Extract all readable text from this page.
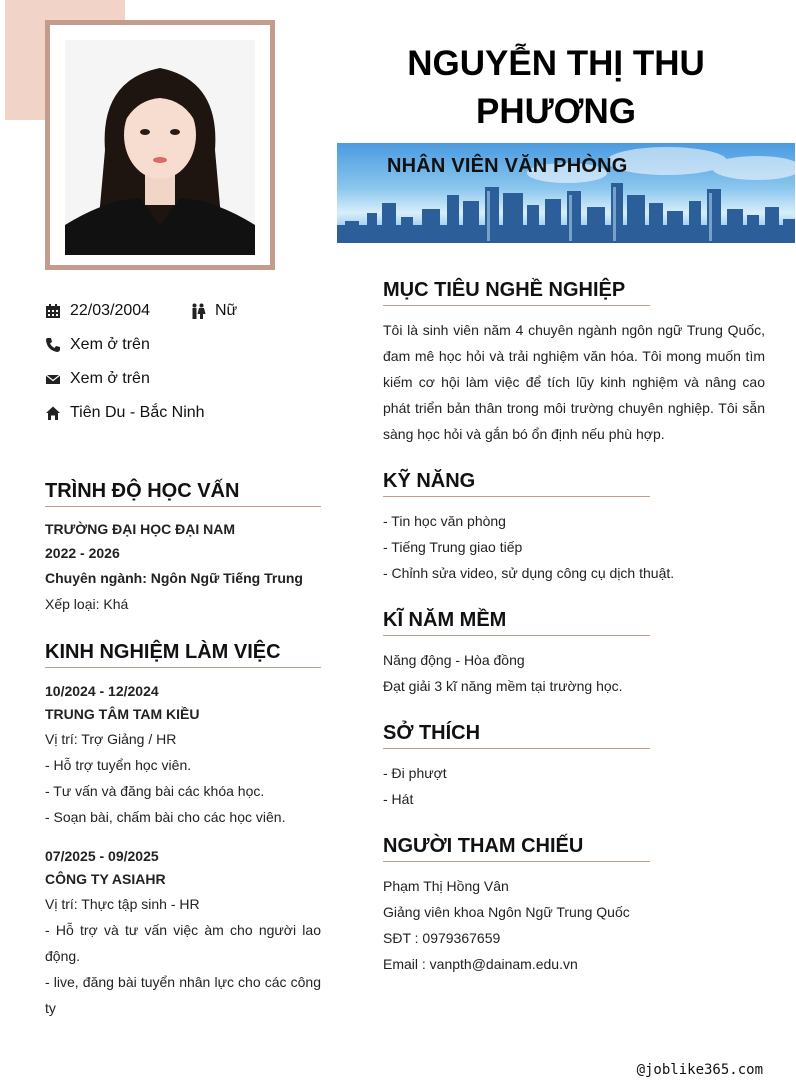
NGUYỄN THỊ THU
PHƯƠNG
NHÂN VIÊN VĂN PHÒNG
22/03/2004	Nữ
Xem ở trên
Xem ở trên
Tiên Du - Bắc Ninh
TRÌNH ĐỘ HỌC VẤN
TRƯỜNG ĐẠI HỌC ĐẠI NAM
2022 - 2026
Chuyên ngành: Ngôn Ngữ Tiếng Trung
Xếp loại: Khá
KINH NGHIỆM LÀM VIỆC
10/2024 - 12/2024
TRUNG TÂM TAM KIỀU
Vị trí: Trợ Giảng / HR
- Hỗ trợ tuyển học viên.
- Tư vấn và đăng bài các khóa học.
- Soạn bài, chấm bài cho các học viên.
07/2025 - 09/2025
CÔNG TY ASIAHR
Vị trí: Thực tập sinh - HR
- Hỗ trợ và tư vấn việc àm cho người lao động.
- live, đăng bài tuyển nhân lực cho các công ty
MỤC TIÊU NGHỀ NGHIỆP
Tôi là sinh viên năm 4 chuyên ngành ngôn ngữ Trung Quốc, đam mê học hỏi và trải nghiệm văn hóa. Tôi mong muốn tìm kiếm cơ hội làm việc để tích lũy kinh nghiệm và nâng cao phát triển bản thân trong môi trường chuyên nghiệp. Tôi sẵn sàng học hỏi và gắn bó ổn định nếu phù hợp.
KỸ NĂNG
- Tin học văn phòng
- Tiếng Trung giao tiếp
- Chỉnh sửa video, sử dụng công cụ dịch thuật.
KĨ NĂM MỀM
Năng động - Hòa đồng
Đạt giải 3 kĩ năng mềm tại trường học.
SỞ THÍCH
- Đi phượt
- Hát
NGƯỜI THAM CHIẾU
Phạm Thị Hồng Vân
Giảng viên khoa Ngôn Ngữ Trung Quốc
SĐT : 0979367659
Email : vanpth@dainam.edu.vn
@joblike365.com
